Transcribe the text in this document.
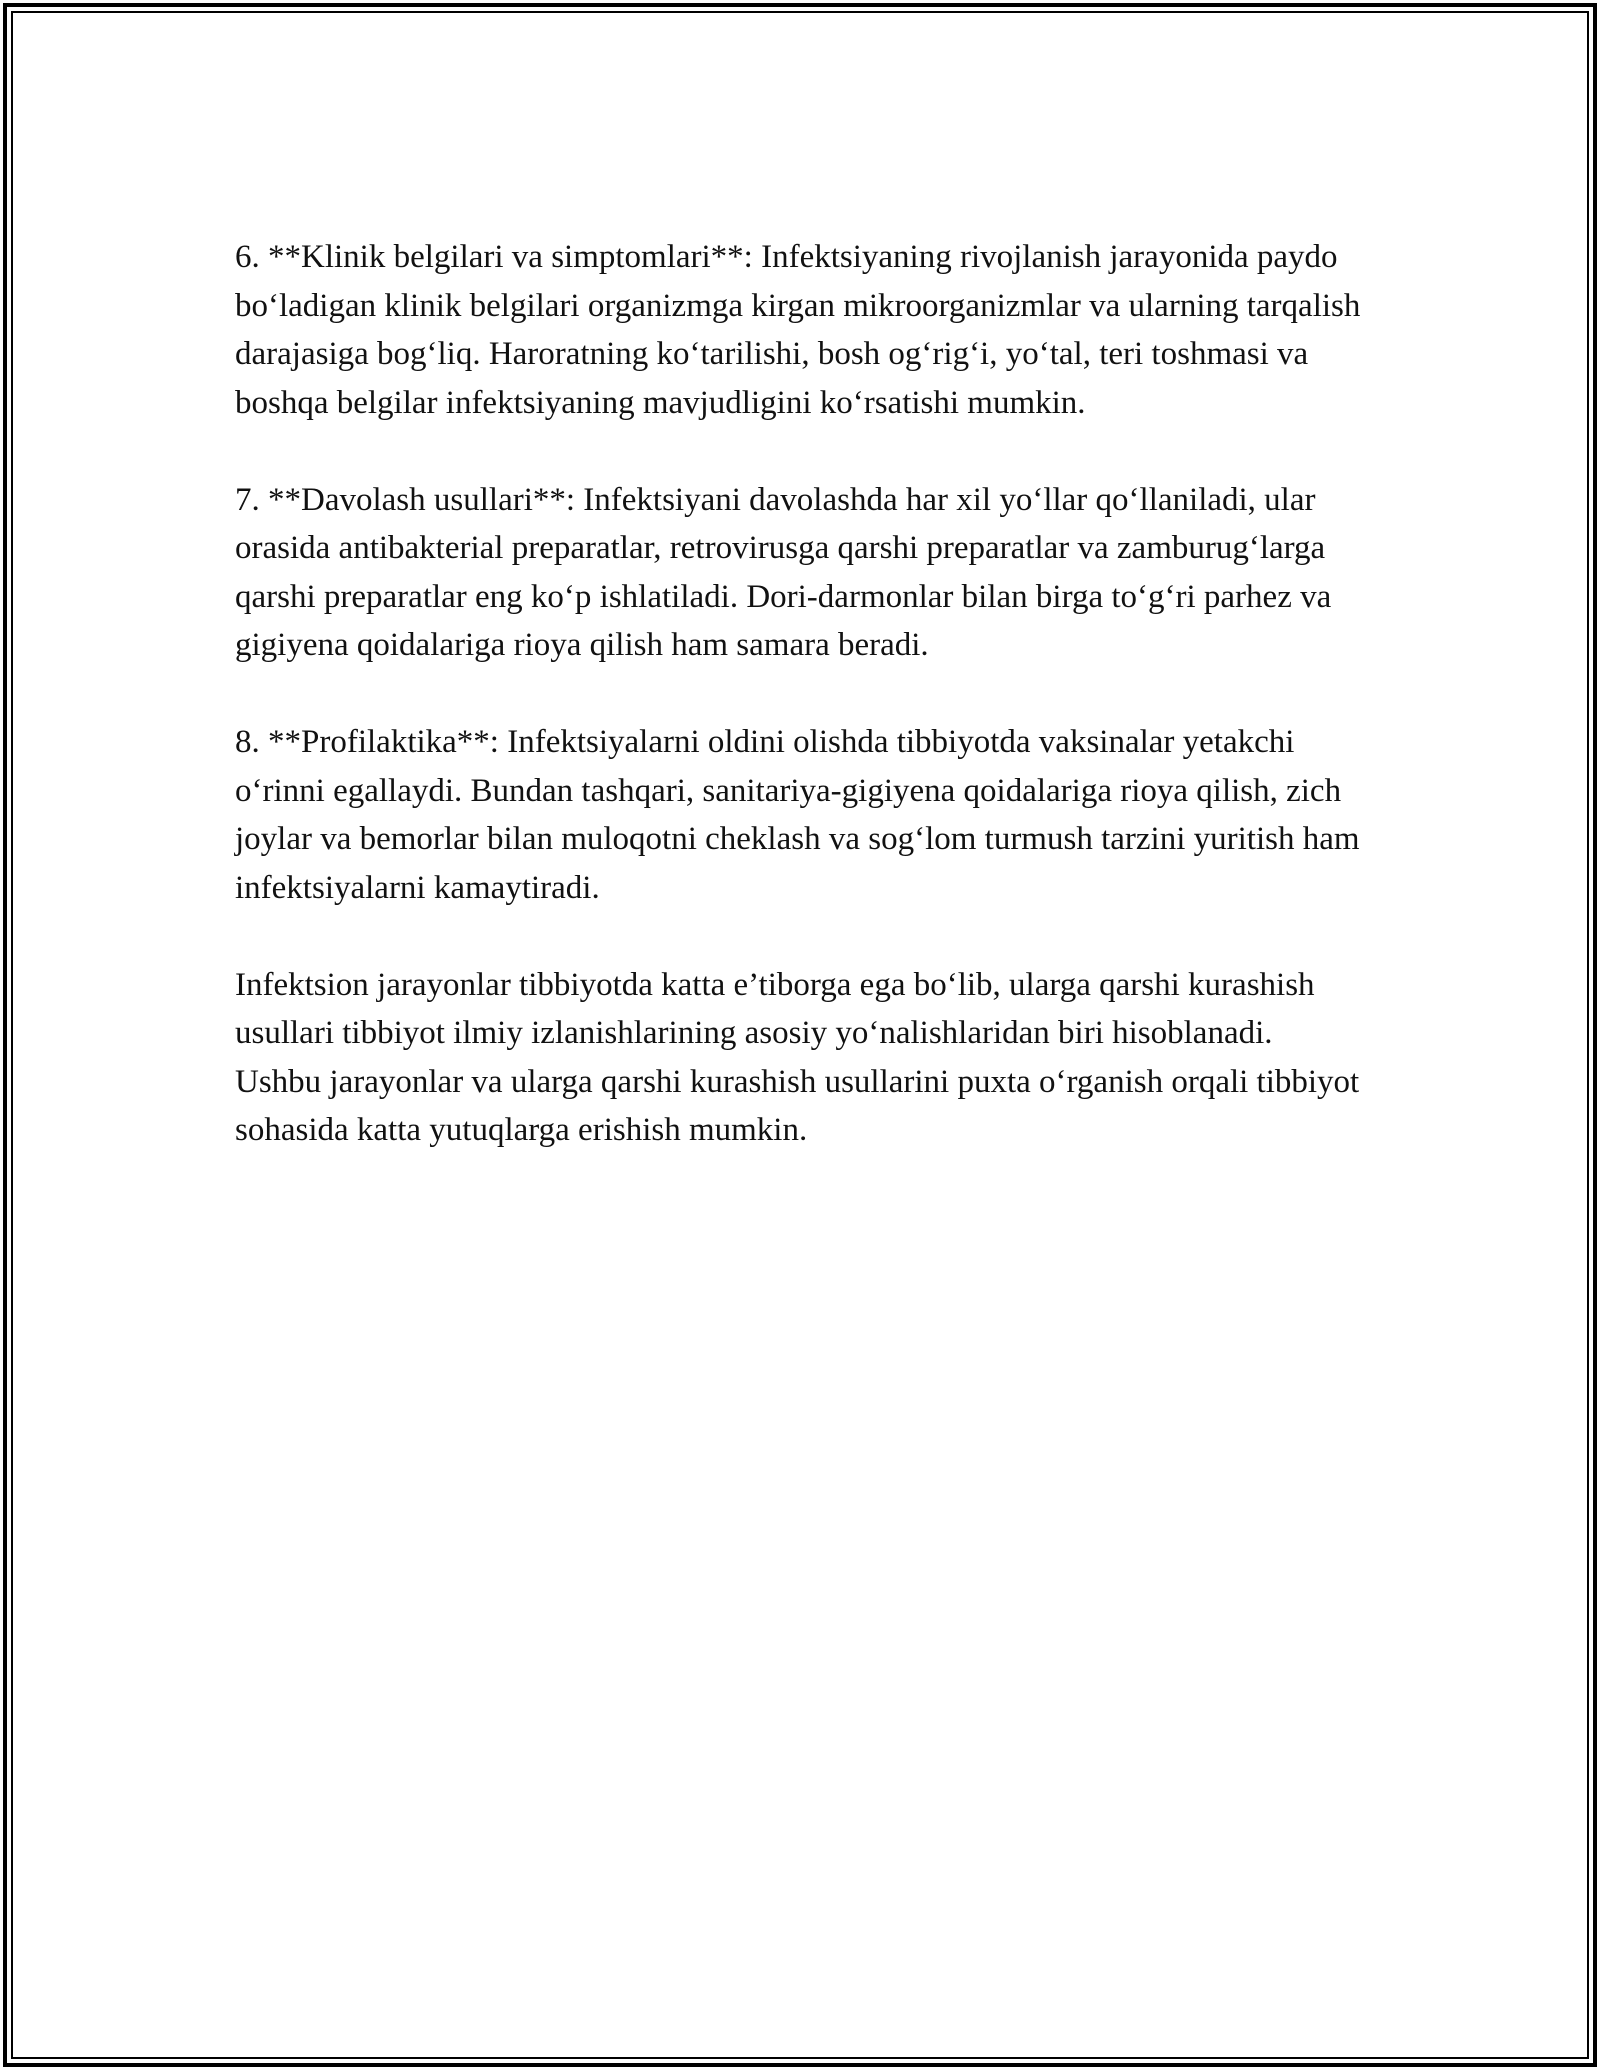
6. **Klinik belgilari va simptomlari**: Infektsiyaning rivojlanish jarayonida paydo bo‘ladigan klinik belgilari organizmga kirgan mikroorganizmlar va ularning tarqalish darajasiga bog‘liq. Haroratning ko‘tarilishi, bosh og‘rig‘i, yo‘tal, teri toshmasi va boshqa belgilar infektsiyaning mavjudligini ko‘rsatishi mumkin.

7. **Davolash usullari**: Infektsiyani davolashda har xil yo‘llar qo‘llaniladi, ular orasida antibakterial preparatlar, retrovirusga qarshi preparatlar va zamburug‘larga qarshi preparatlar eng ko‘p ishlatiladi. Dori-darmonlar bilan birga to‘g‘ri parhez va gigiyena qoidalariga rioya qilish ham samara beradi.

8. **Profilaktika**: Infektsiyalarni oldini olishda tibbiyotda vaksinalar yetakchi o‘rinni egallaydi. Bundan tashqari, sanitariya-gigiyena qoidalariga rioya qilish, zich joylar va bemorlar bilan muloqotni cheklash va sog‘lom turmush tarzini yuritish ham infektsiyalarni kamaytiradi.

Infektsion jarayonlar tibbiyotda katta e’tiborga ega bo‘lib, ularga qarshi kurashish usullari tibbiyot ilmiy izlanishlarining asosiy yo‘nalishlaridan biri hisoblanadi. Ushbu jarayonlar va ularga qarshi kurashish usullarini puxta o‘rganish orqali tibbiyot sohasida katta yutuqlarga erishish mumkin.
